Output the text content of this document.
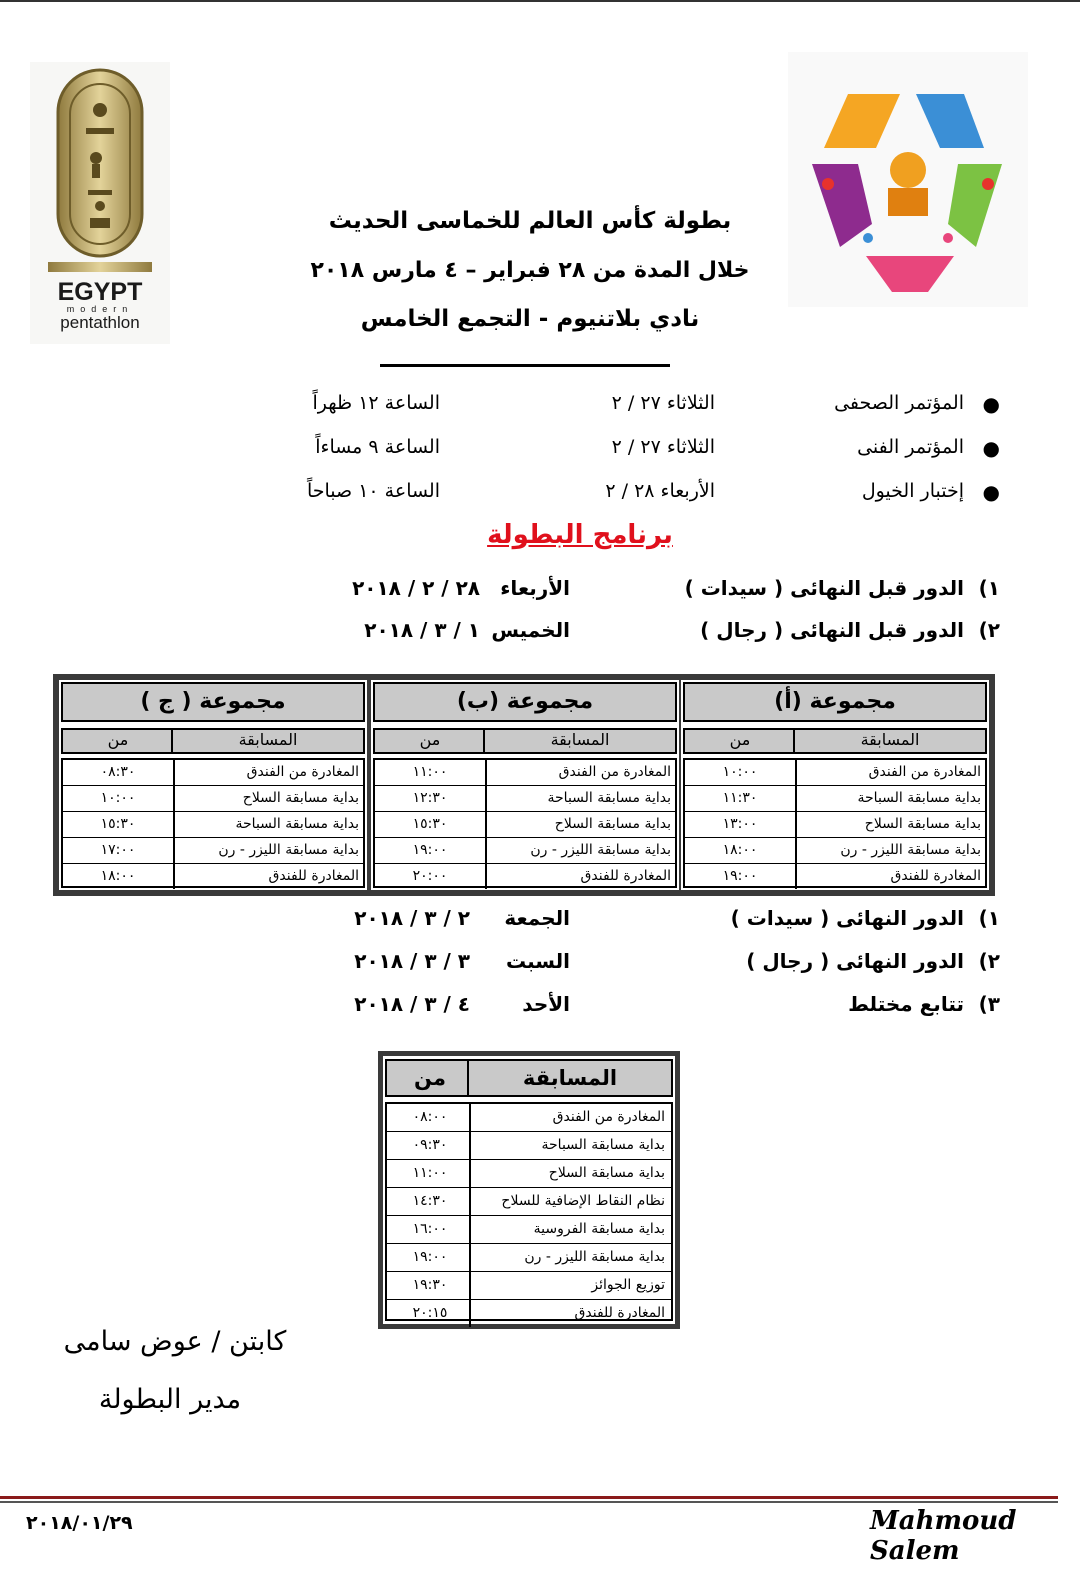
EGYPT
modern
pentathlon
بطولة كأس العالم للخماسى الحديث
خلال المدة من ٢٨ فبراير – ٤ مارس ٢٠١٨
نادي بلاتنيوم - التجمع الخامس
●
المؤتمر الصحفى
الثلاثاء ٢٧ / ٢
الساعة ١٢ ظهراً
●
المؤتمر الفنى
الثلاثاء ٢٧ / ٢
الساعة ٩ مساءاً
●
إختبار الخيول
الأربعاء ٢٨ / ٢
الساعة ١٠ صباحاً
برنامج البطولة
١)
الدور قبل النهائى ( سيدات )
الأربعاء
٢٨ / ٢ / ٢٠١٨
٢)
الدور قبل النهائى ( رجال )
الخميس
١ / ٣ / ٢٠١٨
مجموعة (أ)
المسابقة
من
المغادرة من الفندق
١٠:٠٠
بداية مسابقة السباحة
١١:٣٠
بداية مسابقة السلاح
١٣:٠٠
بداية مسابقة الليزر - رن
١٨:٠٠
المغادرة للفندق
١٩:٠٠
مجموعة (ب)
المسابقة
من
المغادرة من الفندق
١١:٠٠
بداية مسابقة السباحة
١٢:٣٠
بداية مسابقة السلاح
١٥:٣٠
بداية مسابقة الليزر - رن
١٩:٠٠
المغادرة للفندق
٢٠:٠٠
مجموعة ( ج )
المسابقة
من
المغادرة من الفندق
٠٨:٣٠
بداية مسابقة السلاح
١٠:٠٠
بداية مسابقة السباحة
١٥:٣٠
بداية مسابقة الليزر - رن
١٧:٠٠
المغادرة للفندق
١٨:٠٠
١)
الدور النهائى ( سيدات )
الجمعة
٢ / ٣ / ٢٠١٨
٢)
الدور النهائى ( رجال )
السبت
٣ / ٣ / ٢٠١٨
٣)
تتابع مختلط
الأحد
٤ / ٣ / ٢٠١٨
المسابقة
من
المغادرة من الفندق
٠٨:٠٠
بداية مسابقة السباحة
٠٩:٣٠
بداية مسابقة السلاح
١١:٠٠
نظام النقاط الإضافية للسلاح
١٤:٣٠
بداية مسابقة الفروسية
١٦:٠٠
بداية مسابقة الليزر - رن
١٩:٠٠
توزيع الجوائز
١٩:٣٠
المغادرة للفندق
٢٠:١٥
كابتن / عوض سامى
مدير البطولة
٢٠١٨/٠١/٢٩	Mahmoud Salem
